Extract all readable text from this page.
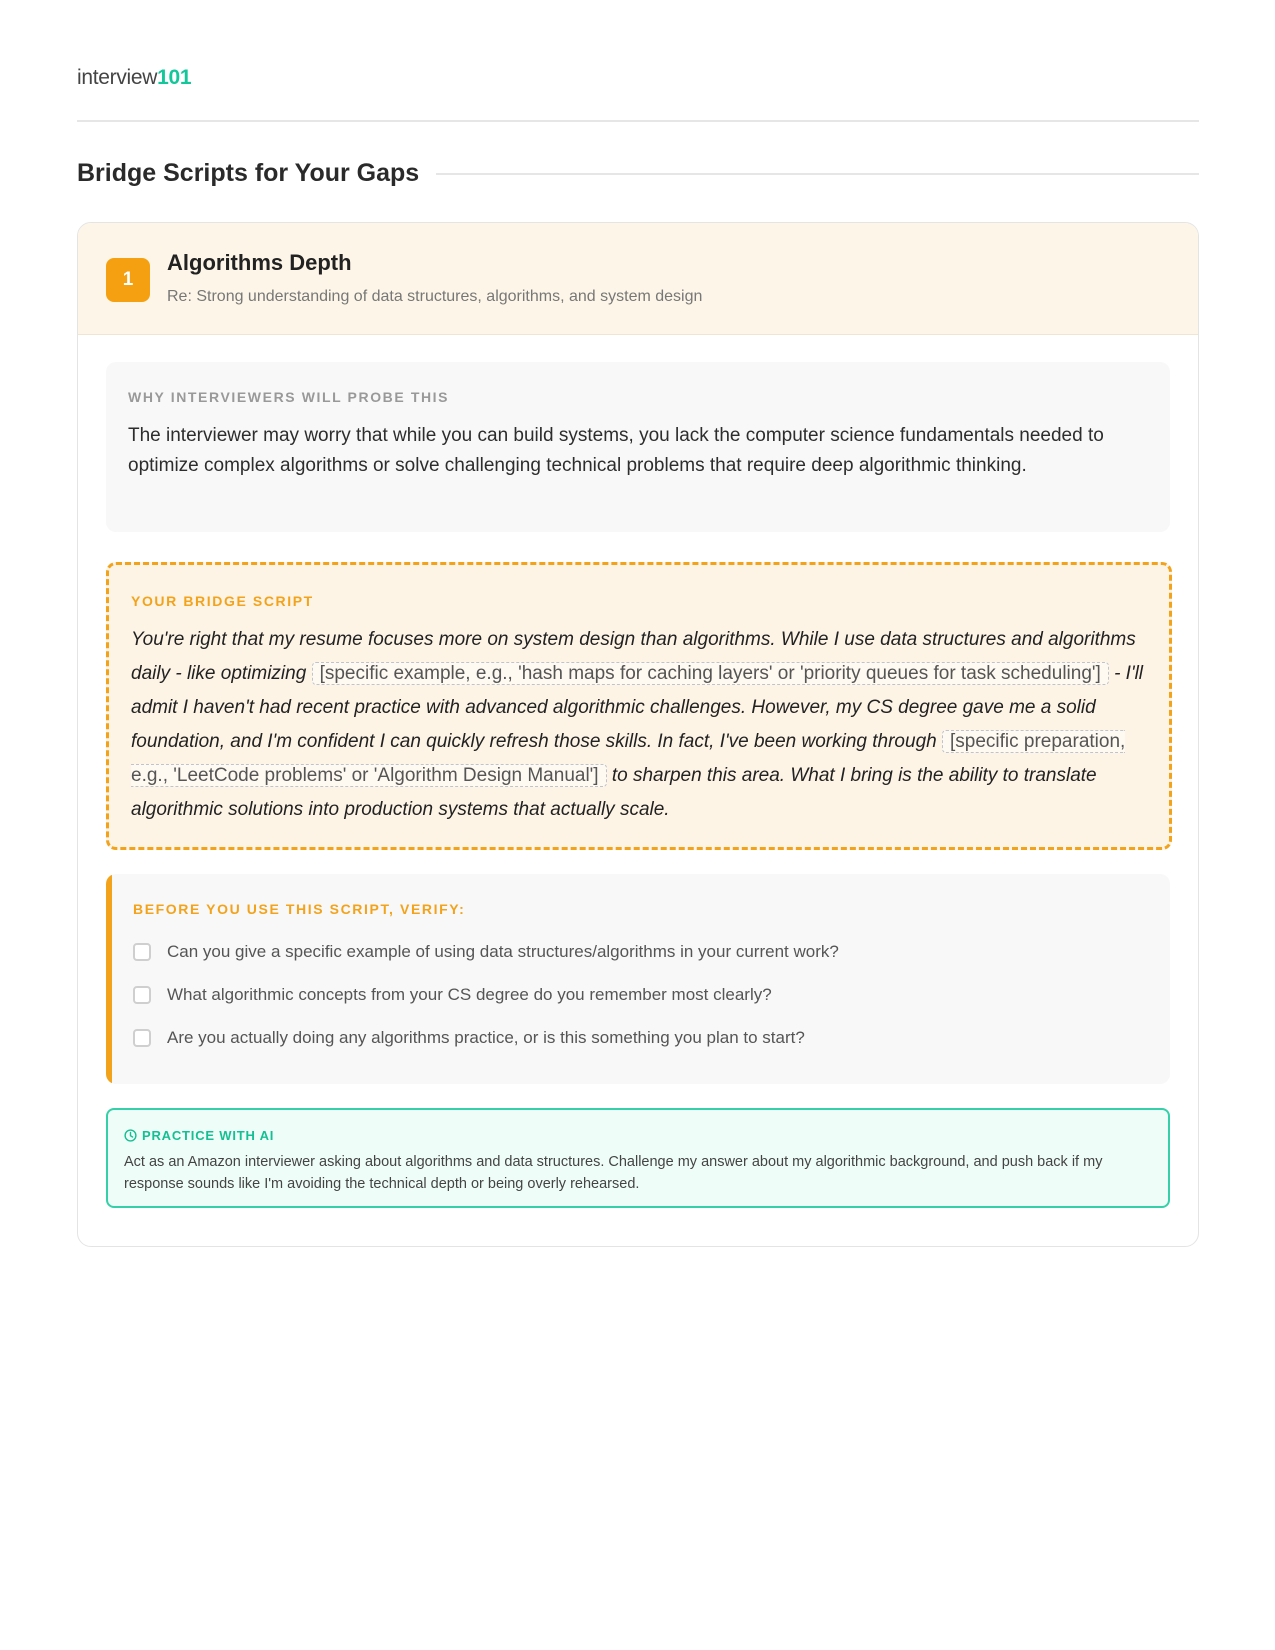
interview101
Bridge Scripts for Your Gaps
1
Algorithms Depth
Re: Strong understanding of data structures, algorithms, and system design
WHY INTERVIEWERS WILL PROBE THIS
The interviewer may worry that while you can build systems, you lack the computer science fundamentals needed to optimize complex algorithms or solve challenging technical problems that require deep algorithmic thinking.
YOUR BRIDGE SCRIPT
You're right that my resume focuses more on system design than algorithms. While I use data structures and algorithms daily - like optimizing [specific example, e.g., 'hash maps for caching layers' or 'priority queues for task scheduling'] - I'll admit I haven't had recent practice with advanced algorithmic challenges. However, my CS degree gave me a solid foundation, and I'm confident I can quickly refresh those skills. In fact, I've been working through [specific preparation, e.g., 'LeetCode problems' or 'Algorithm Design Manual'] to sharpen this area. What I bring is the ability to translate algorithmic solutions into production systems that actually scale.
BEFORE YOU USE THIS SCRIPT, VERIFY:
Can you give a specific example of using data structures/algorithms in your current work?
What algorithmic concepts from your CS degree do you remember most clearly?
Are you actually doing any algorithms practice, or is this something you plan to start?
PRACTICE WITH AI
Act as an Amazon interviewer asking about algorithms and data structures. Challenge my answer about my algorithmic background, and push back if my response sounds like I'm avoiding the technical depth or being overly rehearsed.
